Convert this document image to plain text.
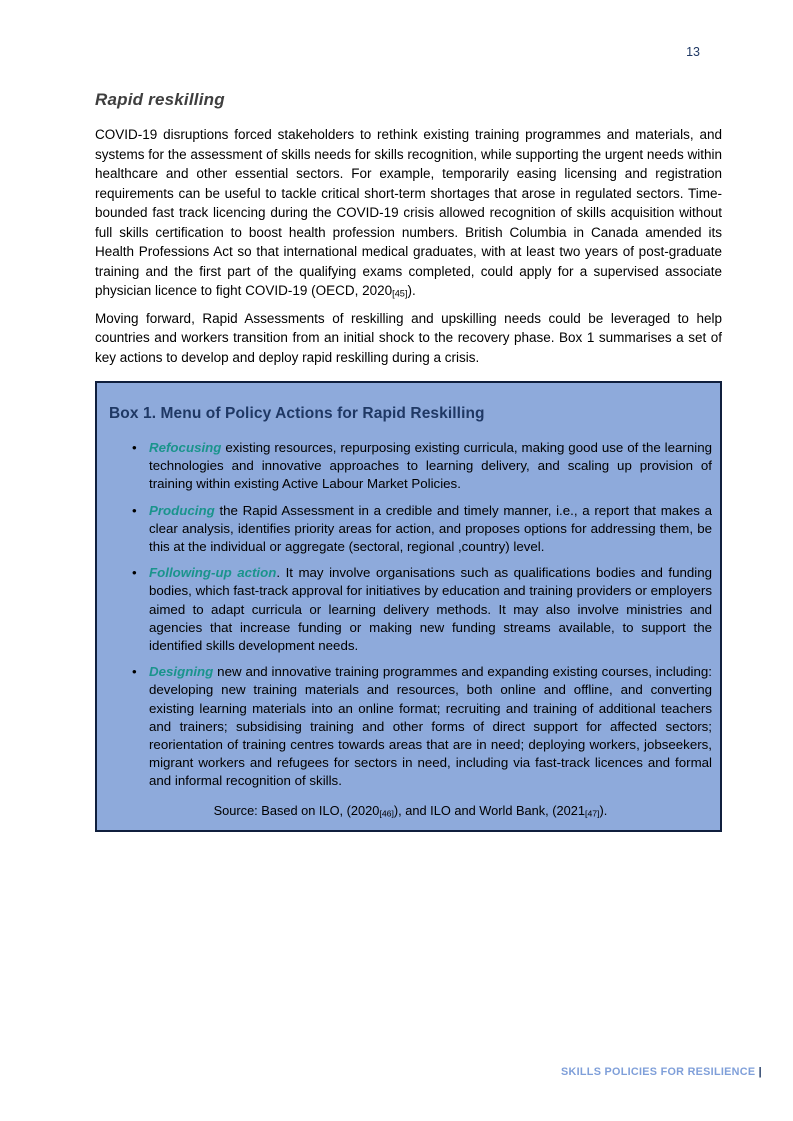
13
Rapid reskilling

COVID-19 disruptions forced stakeholders to rethink existing training programmes and materials, and systems for the assessment of skills needs for skills recognition, while supporting the urgent needs within healthcare and other essential sectors. For example, temporarily easing licensing and registration requirements can be useful to tackle critical short-term shortages that arose in regulated sectors. Time-bounded fast track licencing during the COVID-19 crisis allowed recognition of skills acquisition without full skills certification to boost health profession numbers. British Columbia in Canada amended its Health Professions Act so that international medical graduates, with at least two years of post-graduate training and the first part of the qualifying exams completed, could apply for a supervised associate physician licence to fight COVID-19 (OECD, $2020_{[45]}$).

Moving forward, Rapid Assessments of reskilling and upskilling needs could be leveraged to help countries and workers transition from an initial shock to the recovery phase. Box 1 summarises a set of key actions to develop and deploy rapid reskilling during a crisis.

Box 1. Menu of Policy Actions for Rapid Reskilling
• Refocusing existing resources, repurposing existing curricula, making good use of the learning technologies and innovative approaches to learning delivery, and scaling up provision of training within existing Active Labour Market Policies.
• Producing the Rapid Assessment in a credible and timely manner, i.e., a report that makes a clear analysis, identifies priority areas for action, and proposes options for addressing them, be this at the individual or aggregate (sectoral, regional ,country) level.
• Following-up action. It may involve organisations such as qualifications bodies and funding bodies, which fast-track approval for initiatives by education and training providers or employers aimed to adapt curricula or learning delivery methods. It may also involve ministries and agencies that increase funding or making new funding streams available, to support the identified skills development needs.
• Designing new and innovative training programmes and expanding existing courses, including: developing new training materials and resources, both online and offline, and converting existing learning materials into an online format; recruiting and training of additional teachers and trainers; subsidising training and other forms of direct support for affected sectors; reorientation of training centres towards areas that are in need; deploying workers, jobseekers, migrant workers and refugees for sectors in need, including via fast-track licences and formal and informal recognition of skills.

Source: Based on ILO, $(2020_{[46]})$, and ILO and World Bank, $(2021_{[47]})$.

SKILLS POLICIES FOR RESILIENCE |
